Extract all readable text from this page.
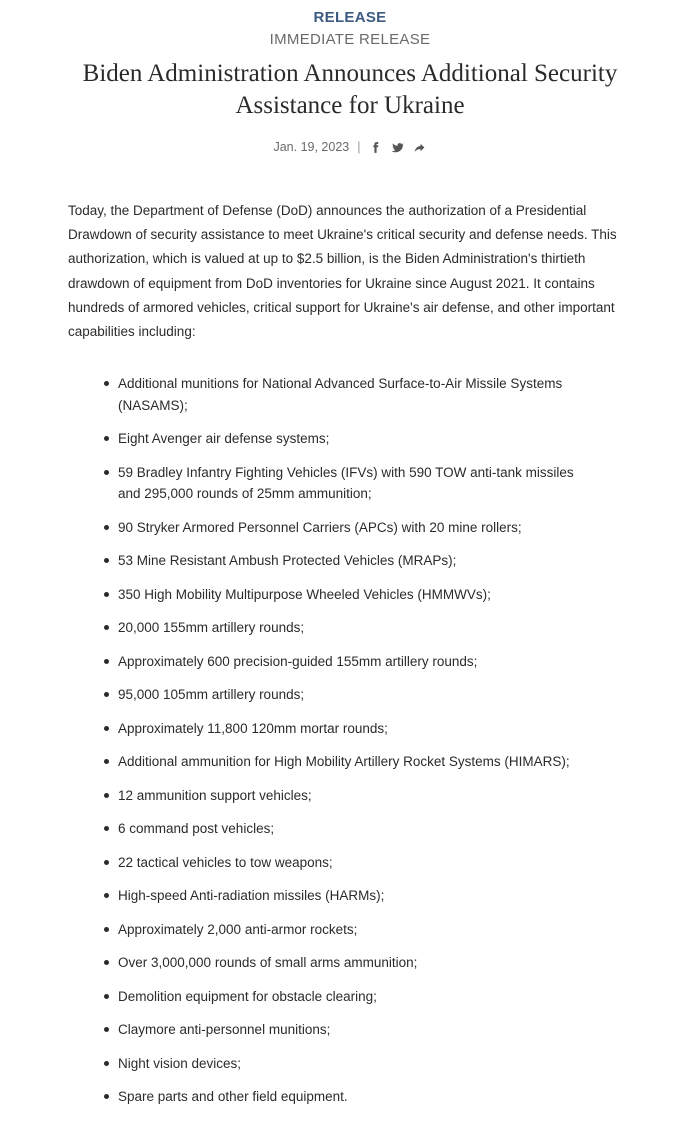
RELEASE
IMMEDIATE RELEASE
Biden Administration Announces Additional Security Assistance for Ukraine
Jan. 19, 2023 |

Today, the Department of Defense (DoD) announces the authorization of a Presidential Drawdown of security assistance to meet Ukraine's critical security and defense needs. This authorization, which is valued at up to $2.5 billion, is the Biden Administration's thirtieth drawdown of equipment from DoD inventories for Ukraine since August 2021. It contains hundreds of armored vehicles, critical support for Ukraine's air defense, and other important capabilities including:

Additional munitions for National Advanced Surface-to-Air Missile Systems (NASAMS);
Eight Avenger air defense systems;
59 Bradley Infantry Fighting Vehicles (IFVs) with 590 TOW anti-tank missiles and 295,000 rounds of 25mm ammunition;
90 Stryker Armored Personnel Carriers (APCs) with 20 mine rollers;
53 Mine Resistant Ambush Protected Vehicles (MRAPs);
350 High Mobility Multipurpose Wheeled Vehicles (HMMWVs);
20,000 155mm artillery rounds;
Approximately 600 precision-guided 155mm artillery rounds;
95,000 105mm artillery rounds;
Approximately 11,800 120mm mortar rounds;
Additional ammunition for High Mobility Artillery Rocket Systems (HIMARS);
12 ammunition support vehicles;
6 command post vehicles;
22 tactical vehicles to tow weapons;
High-speed Anti-radiation missiles (HARMs);
Approximately 2,000 anti-armor rockets;
Over 3,000,000 rounds of small arms ammunition;
Demolition equipment for obstacle clearing;
Claymore anti-personnel munitions;
Night vision devices;
Spare parts and other field equipment.
